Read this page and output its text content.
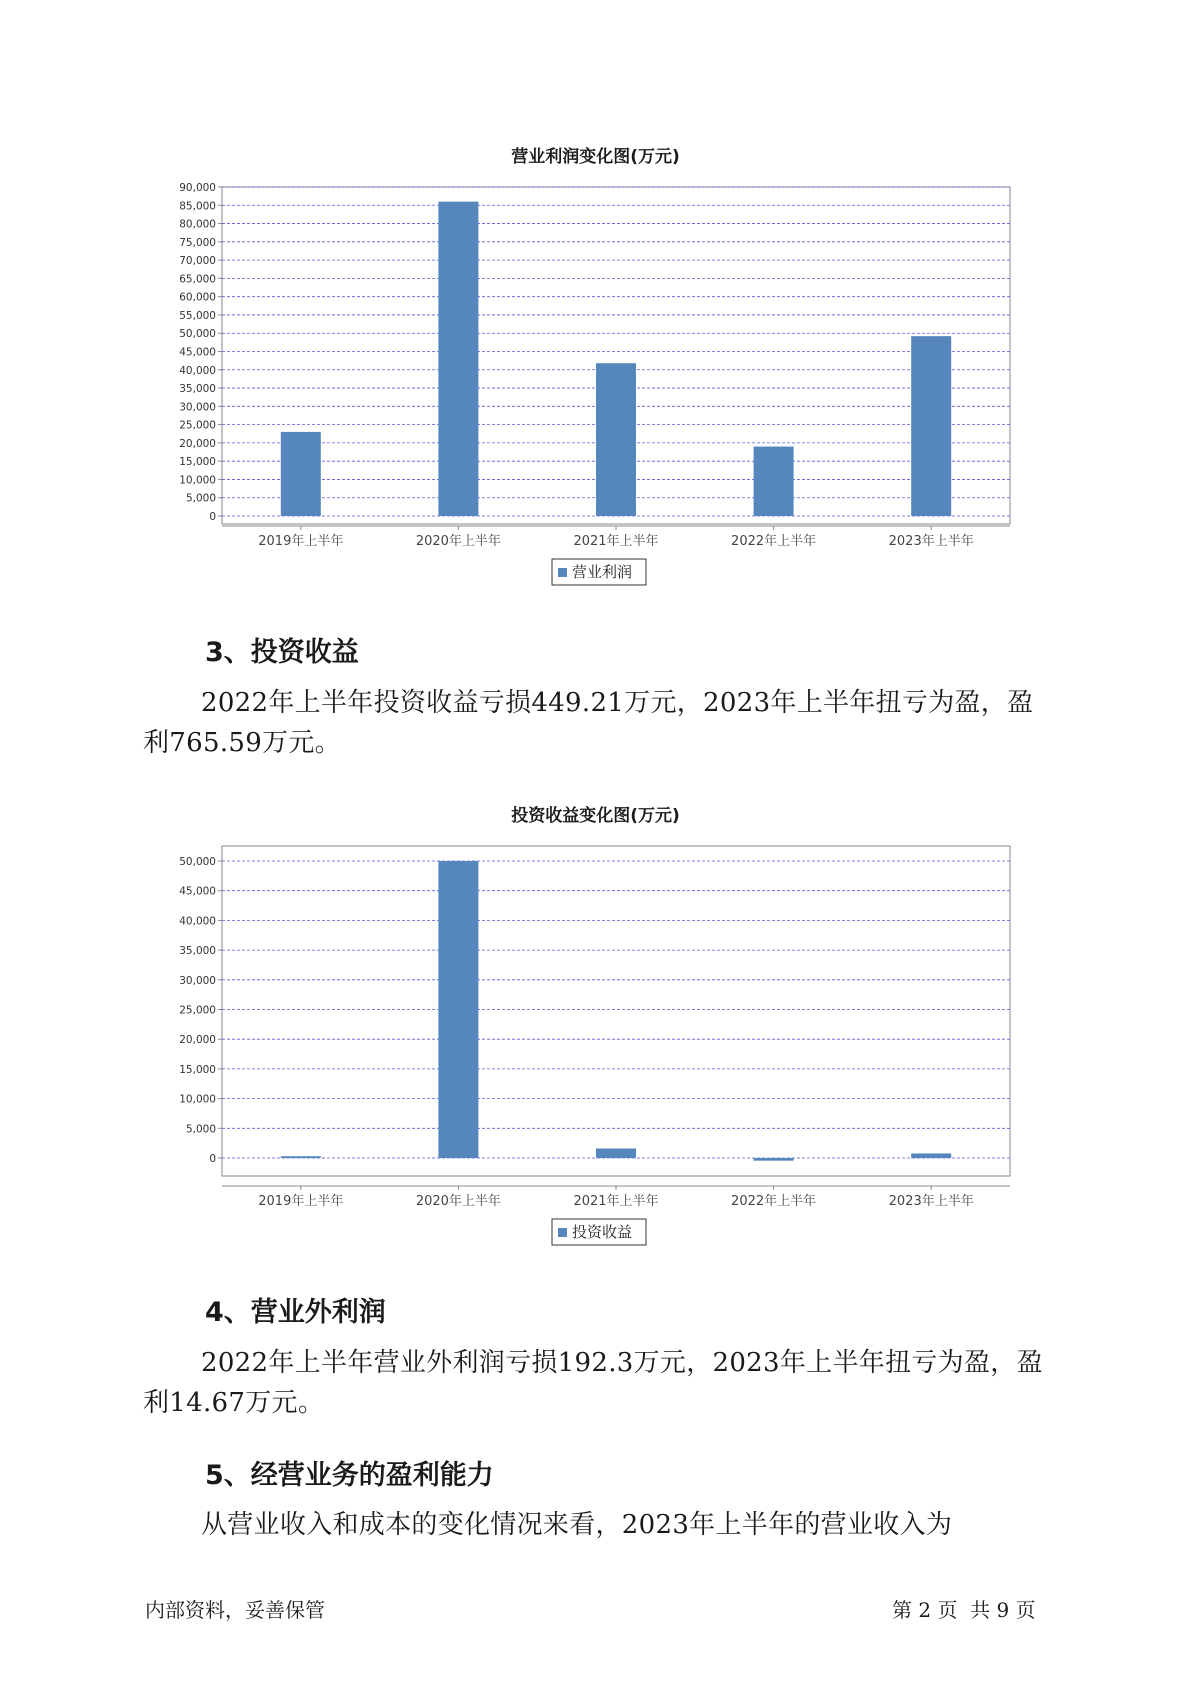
营业利润变化图(万元)
0
5,000
10,000
15,000
20,000
25,000
30,000
35,000
40,000
45,000
50,000
55,000
60,000
65,000
70,000
75,000
80,000
85,000
90,000
2019年上半年	2020年上半年	2021年上半年	2022年上半年	2023年上半年
营业利润
3、投资收益
2022年上半年投资收益亏损449.21万元，2023年上半年扭亏为盈，盈
利765.59万元。
投资收益变化图(万元)
0
5,000
10,000
15,000
20,000
25,000
30,000
35,000
40,000
45,000
50,000
2019年上半年	2020年上半年	2021年上半年	2022年上半年	2023年上半年
投资收益
4、营业外利润
2022年上半年营业外利润亏损192.3万元，2023年上半年扭亏为盈，盈
利14.67万元。
5、经营业务的盈利能力
从营业收入和成本的变化情况来看，2023年上半年的营业收入为
内部资料，妥善保管	第 2 页  共 9 页
